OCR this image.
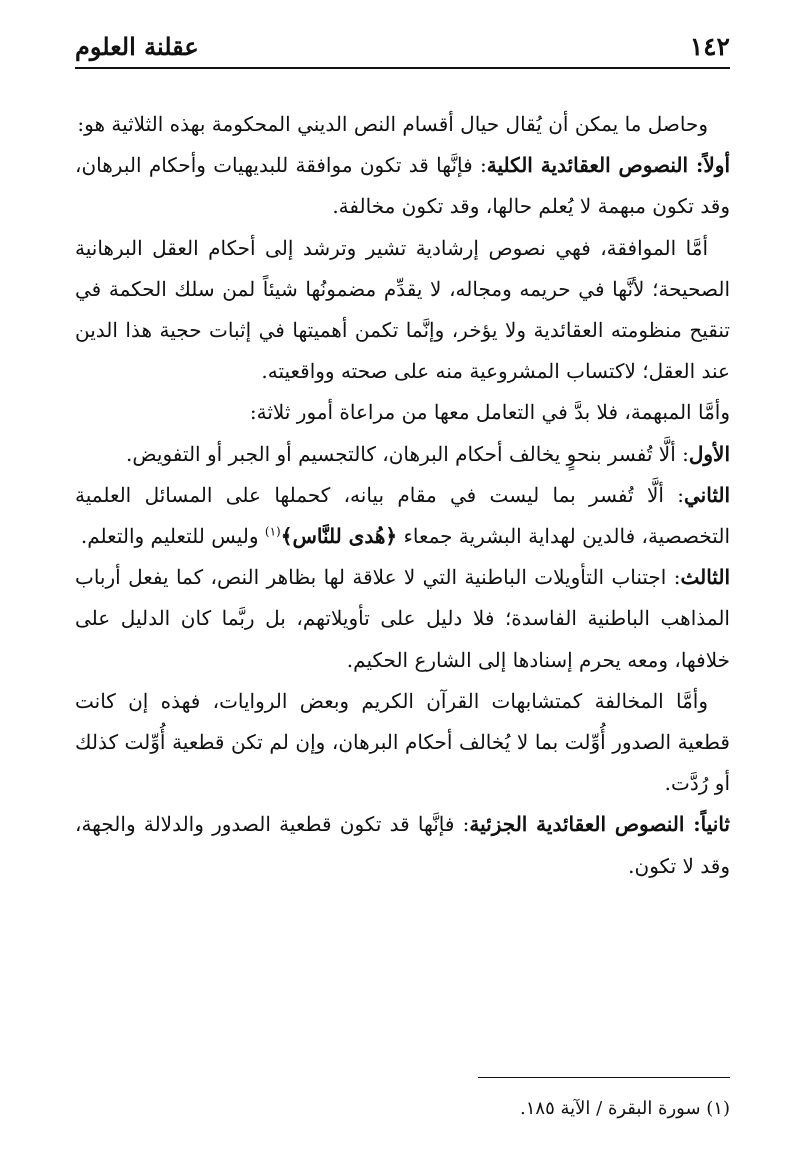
١٤٢
عقلنة العلوم

وحاصل ما يمكن أن يُقال حيال أقسام النص الديني المحكومة بهذه الثلاثية هو:

أولاً: النصوص العقائدية الكلية: فإنَّها قد تكون موافقة للبديهيات وأحكام البرهان، وقد تكون مبهمة لا يُعلم حالها، وقد تكون مخالفة.

أمَّا الموافقة، فهي نصوص إرشادية تشير وترشد إلى أحكام العقل البرهانية الصحيحة؛ لأنَّها في حريمه ومجاله، لا يقدِّم مضمونُها شيئاً لمن سلك الحكمة في تنقيح منظومته العقائدية ولا يؤخر، وإنَّما تكمن أهميتها في إثبات حجية هذا الدين عند العقل؛ لاكتساب المشروعية منه على صحته وواقعيته.

وأمَّا المبهمة، فلا بدَّ في التعامل معها من مراعاة أمور ثلاثة:

الأول: ألَّا تُفسر بنحوٍ يخالف أحكام البرهان، كالتجسيم أو الجبر أو التفويض.

الثاني: ألَّا تُفسر بما ليست في مقام بيانه، كحملها على المسائل العلمية التخصصية، فالدين لهداية البشرية جمعاء ﴿هُدى للنَّاس﴾$^{(١)}$ وليس للتعليم والتعلم.

الثالث: اجتناب التأويلات الباطنية التي لا علاقة لها بظاهر النص، كما يفعل أرباب المذاهب الباطنية الفاسدة؛ فلا دليل على تأويلاتهم، بل ربَّما كان الدليل على خلافها، ومعه يحرم إسنادها إلى الشارع الحكيم.

وأمَّا المخالفة كمتشابهات القرآن الكريم وبعض الروايات، فهذه إن كانت قطعية الصدور أُوِّلت بما لا يُخالف أحكام البرهان، وإن لم تكن قطعية أُوِّلت كذلك أو رُدَّت.

ثانياً: النصوص العقائدية الجزئية: فإنَّها قد تكون قطعية الصدور والدلالة والجهة، وقد لا تكون.

(١) سورة البقرة / الآية ١٨٥.
